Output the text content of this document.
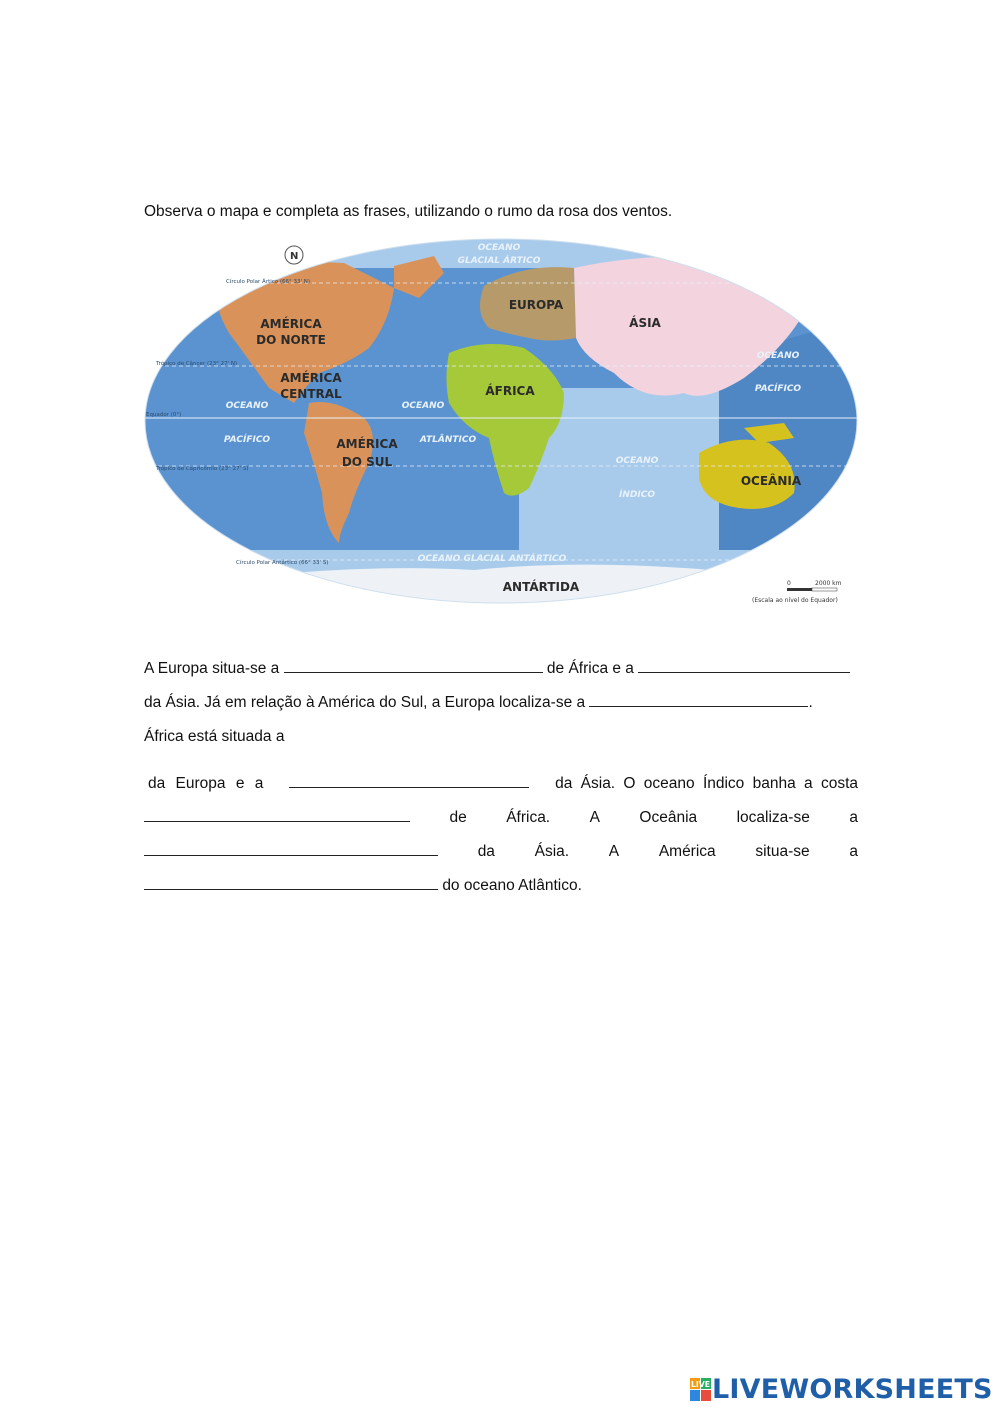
Observa o mapa e completa as frases, utilizando o rumo da rosa dos ventos.
N
OCEANO
GLACIAL ÁRTICO
OCEANO
PACÍFICO
OCEANO
ATLÂNTICO
OCEANO
ÍNDICO
OCEANO
PACÍFICO
OCEANO GLACIAL ANTÁRTICO
Círculo Polar Ártico (66° 33' N)
Trópico de Câncer (23° 27' N)
Equador (0°)
Trópico de Capricórnio (23° 27' S)
Círculo Polar Antártico (66° 33' S)
AMÉRICA
DO NORTE
AMÉRICA
CENTRAL
AMÉRICA
DO SUL
EUROPA
ÁSIA
ÁFRICA
OCEÂNIA
ANTÁRTIDA	0	2000 km
(Escala ao nível do Equador)
A Europa situa-se a	de África e a
da Ásia. Já em relação à América do Sul, a Europa localiza-se a	.
África está situada a
da Europa e a	da Ásia. O oceano Índico banha a costa
de	África.	A	Oceânia	localiza-se	a
da	Ásia.	A	América	situa-se	a
do oceano Atlântico.
LIVE LIVEWORKSHEETS
